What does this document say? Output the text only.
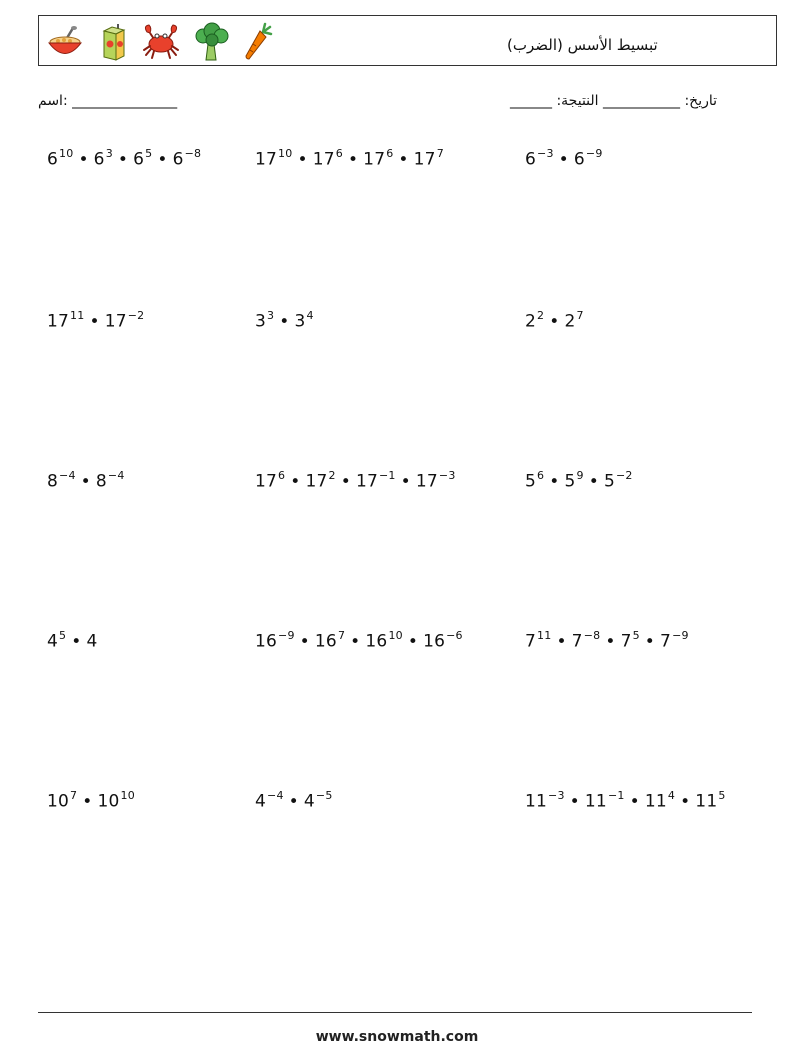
(تبسيط الأسس (الضرب
اسم: _______________	______ :تاريخ: ___________ النتيجة
$6^{10}$ • $6^3$ • $6^5$ • $6^{-8}$	$17^{10}$ • $17^6$ • $17^6$ • $17^7$	$6^{-3}$ • $6^{-9}$
$17^{11}$ • $17^{-2}$	$3^3$ • $3^4$	$2^2$ • $2^7$
$8^{-4}$ • $8^{-4}$	$17^6$ • $17^2$ • $17^{-1}$ • $17^{-3}$	$5^6$ • $5^9$ • $5^{-2}$
$4^5$ • 4	$16^{-9}$ • $16^7$ • $16^{10}$ • $16^{-6}$	$7^{11}$ • $7^{-8}$ • $7^5$ • $7^{-9}$
$10^7$ • $10^{10}$	$4^{-4}$ • $4^{-5}$	$11^{-3}$ • $11^{-1}$ • $11^4$ • $11^5$
www.snowmath.com
